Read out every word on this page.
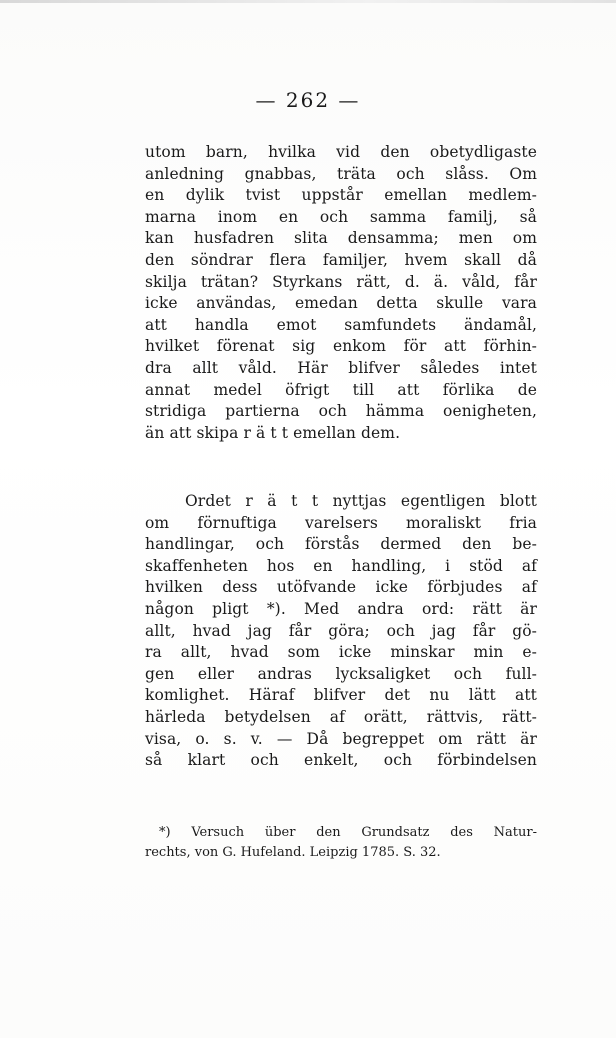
— 262 —
utom barn, hvilka vid den obetydligaste
anledning gnabbas, träta och slåss. Om
en dylik tvist uppstår emellan medlem-
marna inom en och samma familj, så
kan husfadren slita densamma; men om
den söndrar flera familjer, hvem skall då
skilja trätan? Styrkans rätt, d. ä. våld, får
icke användas, emedan detta skulle vara
att handla emot samfundets ändamål,
hvilket förenat sig enkom för att förhin-
dra allt våld. Här blifver således intet
annat medel öfrigt till att förlika de
stridiga partierna och hämma oenigheten,
än att skipa r ä t t emellan dem.
Ordet r ä t t nyttjas egentligen blott
om förnuftiga varelsers moraliskt fria
handlingar, och förstås dermed den be-
skaffenheten hos en handling, i stöd af
hvilken dess utöfvande icke förbjudes af
någon pligt *). Med andra ord: rätt är
allt, hvad jag får göra; och jag får gö-
ra allt, hvad som icke minskar min e-
gen eller andras lycksaligket och full-
komlighet. Häraf blifver det nu lätt att
härleda betydelsen af orätt, rättvis, rätt-
visa, o. s. v. — Då begreppet om rätt är
så klart och enkelt, och förbindelsen
*) Versuch über den Grundsatz des Natur-
rechts, von G. Hufeland. Leipzig 1785. S. 32.
